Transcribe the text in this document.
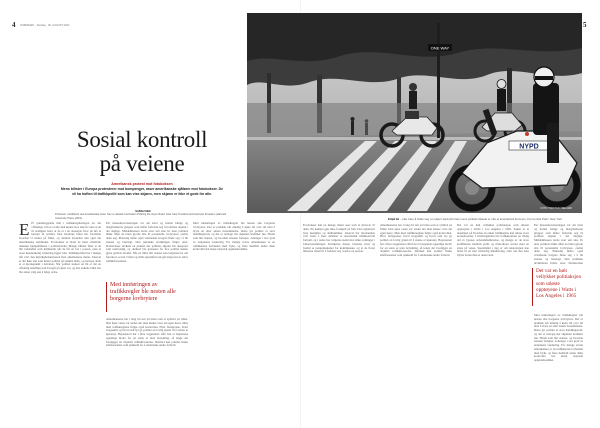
4 IN BERGEN · Søndag · 00. AUGUST 2024	5
Sosial kontroll
på veiene
Amerikansk protest mot fotoboksen
Mens bilister i Europa protesterer mot bompenger, raser amerikanske sjåfører mot fotobokser. De vil ha hoften til trafikkpoliti som kan vise skjønn, men skjønn er ikke et gode for alle.
SARAH SEO
Professor i strafferett ved amerikanske Iowa. Seo er aktuell med boken Policing the Open Road: How Cars Transformed American Freedom (Harvard University Press, 2019).
E Et grunnleggende mål i trafikkreguleringen for det offentlige rom er at alle skal kunne leve sine liv uten at de til stadighet føler at de er i en situasjon hvor de må ta hensyn til politiet. Den moderne bilen har forandret hvordan vi tenker på frihet, og dermed forandret den også det amerikanske samfunnet. Fotobokser er blant de mest omstridte tekniske hjelpemidlene i politiarbeidet. Mange bilister føler at de blir behandlet som kriminelle når de får en bot i posten, uten at noen menneskelig vurdering ligger bak. Trafikkpolitiet har i mange tiår vært den myndighetsutøveren flest amerikanere møter. Likevel er det ikke alle som møter politiet på samme måte, og nettopp dette er et kjernepunkt i debatten. Når politiet stanser en bil er det en offentlig handling som foregår på åpen vei, og den enkelte bilist har lite annet valg enn å følge ordre.
Før massemotoriseringen var det først og fremst fattige og marginaliserte grupper som måtte forholde seg til politiets skjønn i det daglige. Middelklassen levde stort sett sine liv uten politiets blikk. Men da bilen gjorde alle til potensielle lovbrytere, endret dette seg. Plutselig måtte også velstående borgere finne seg i å bli stanset og bøtelagt. Den juridiske utviklingen fulgte etter. Domstolene utviklet en praksis der politiets skjønn ble akseptert som nødvendig, og dermed ble grensene for hva politiet kunne gjøre gradvis utvidet. Når en bilist blir stanset kan betjenten be om førerkort, se inn i bilen og stille spørsmål som går langt utover selve trafikkforseelsen.
Med innføringen av trafikkregler ble nesten alle borgerne lovbrytere
Amerikanerne har i lang tid sett på bilen som et symbol på frihet. Den åpne veien var stedet der man kunne være sin egen herre. Men med trafikkreglene fulgte også kontrollen. Hver fartsgrense, hvert stoppskilt og hvert rødt lys ga politiet en lovlig grunn til å stanse et kjøretøy. Høyesterett har i flere avgjørelser slått fast at betjentens egentlige motiv for en stans er uten betydning, så lenge det foreligger en objektiv trafikkforseelse. Dermed kan politiet bruke småforseelser som påskudd for å undersøke andre forhold.
Med innføringen av trafikkregler ble nesten alle borgerne lovbrytere. Det er praktisk talt umulig å kjøre bil over tid uten å bryte en eller annen bestemmelse. Dette gir politiet et stort handlingsrom, og det er nettopp her skjønnet kommer inn. Hvem som blir stanset, og hvordan stansen forløper, avhenger i stor grad av betjentens vurdering. For mange svarte amerikanere er en trafikkstans forbundet med frykt, og flere dødsfall under slike kontroller har skapt nasjonal oppmerksomhet.
ONE WAY
NYPD
FOTO: TORSTEIN HELLAND
Ettpå bil – eller bare å holde seg i et ukjent sted på fortau mens politiets tilstede er ofte et amerikansk fenomen. Fra Central Park i New York.
Fotobokser kan på mange måter sees som et motsvar til dette. En kamera gjør ikke forskjell på folk. Det registrerer bare hastighet og skiltnummer. Likevel har motstanden vært sterk. I flere delstater er automatisk trafikkontroll forbudt, og i andre har velgerne stemt mot slike ordninger i folkeavstemninger. Kritikerne mener boksene først og fremst er pengemaskiner for kommunene, og at de fratar bilistene retten til å forklare seg overfor en person.
Amerikanerne har i lang tid sett på bilen som et symbol på frihet. Den åpne veien var stedet der man kunne være sin egen herre. Men med trafikkreglene fulgte også kontrollen. Hver fartsgrense, hvert stoppskilt og hvert rødt lys ga politiet en lovlig grunn til å stanse et kjøretøy. Høyesterett har i flere avgjørelser slått fast at betjentens egentlige motiv for en stans er uten betydning, så lenge det foreligger en objektiv trafikkforseelse. Dermed kan politiet bruke småforseelser som påskudd for å undersøke andre forhold.
Det var en høit vellykket politiaksjon som utløste opptøyene i Watts i Los Angeles i 1965. Saken er et eksempel på hvordan en enkel trafikkstans kan utløse store konsekvenser. I etterkrigstiden ble trafikkpolitiet en viktig del av byenes ordenshåndhevelse, og mange av de store konfliktene mellom politi og minoriteter startet med en stans på veien. Spørsmålet i dag er om teknologien kan bidra til en mer rettferdig håndheving, eller om den bare flytter kontrollen et annet sted.
Det var en høit vellykket politiaksjon som utløste opptøyene i Watts i Los Angeles i 1965
Før massemotoriseringen var det først og fremst fattige og marginaliserte grupper som måtte forholde seg til politiets skjønn i det daglige. Middelklassen levde stort sett sine liv uten politiets blikk. Men da bilen gjorde alle til potensielle lovbrytere, endret dette seg. Plutselig måtte også velstående borgere finne seg i å bli stanset og bøtelagt. Den juridiske utviklingen fulgte etter. Domstolene
Med innføringen av trafikkregler ble nesten alle borgerne lovbrytere. Det er praktisk talt umulig å kjøre bil over tid uten å bryte en eller annen bestemmelse. Dette gir politiet et stort handlingsrom, og det er nettopp her skjønnet kommer inn. Hvem som blir stanset, og hvordan stansen forløper, avhenger i stor grad av betjentens vurdering. For mange svarte amerikanere er en trafikkstans forbundet med frykt, og flere dødsfall under slike kontroller har skapt nasjonal oppmerksomhet.
